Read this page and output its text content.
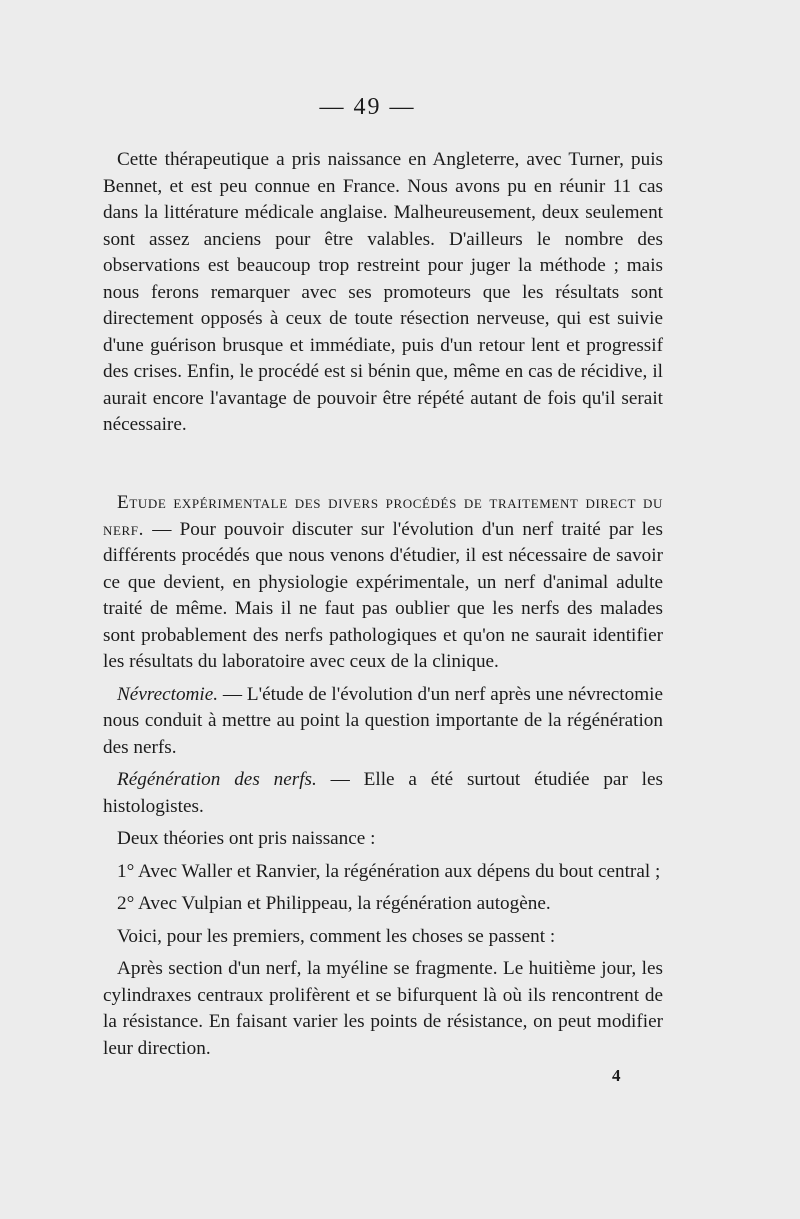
— 49 —

Cette thérapeutique a pris naissance en Angleterre, avec Turner, puis Bennet, et est peu connue en France. Nous avons pu en réunir 11 cas dans la littérature médicale anglaise. Malheureusement, deux seulement sont assez anciens pour être valables. D'ailleurs le nombre des observations est beaucoup trop restreint pour juger la méthode ; mais nous ferons remarquer avec ses promoteurs que les résultats sont directement opposés à ceux de toute résection nerveuse, qui est suivie d'une guérison brusque et immédiate, puis d'un retour lent et progressif des crises. Enfin, le procédé est si bénin que, même en cas de récidive, il aurait encore l'avantage de pouvoir être répété autant de fois qu'il serait nécessaire.

Etude expérimentale des divers procédés de traitement direct du nerf. — Pour pouvoir discuter sur l'évolution d'un nerf traité par les différents procédés que nous venons d'étudier, il est nécessaire de savoir ce que devient, en physiologie expérimentale, un nerf d'animal adulte traité de même. Mais il ne faut pas oublier que les nerfs des malades sont probablement des nerfs pathologiques et qu'on ne saurait identifier les résultats du laboratoire avec ceux de la clinique.

Névrectomie. — L'étude de l'évolution d'un nerf après une névrectomie nous conduit à mettre au point la question importante de la régénération des nerfs.

Régénération des nerfs. — Elle a été surtout étudiée par les histologistes.

Deux théories ont pris naissance :

1° Avec Waller et Ranvier, la régénération aux dépens du bout central ;

2° Avec Vulpian et Philippeau, la régénération autogène.

Voici, pour les premiers, comment les choses se passent :

Après section d'un nerf, la myéline se fragmente. Le huitième jour, les cylindraxes centraux prolifèrent et se bifurquent là où ils rencontrent de la résistance. En faisant varier les points de résistance, on peut modifier leur direction.

4
